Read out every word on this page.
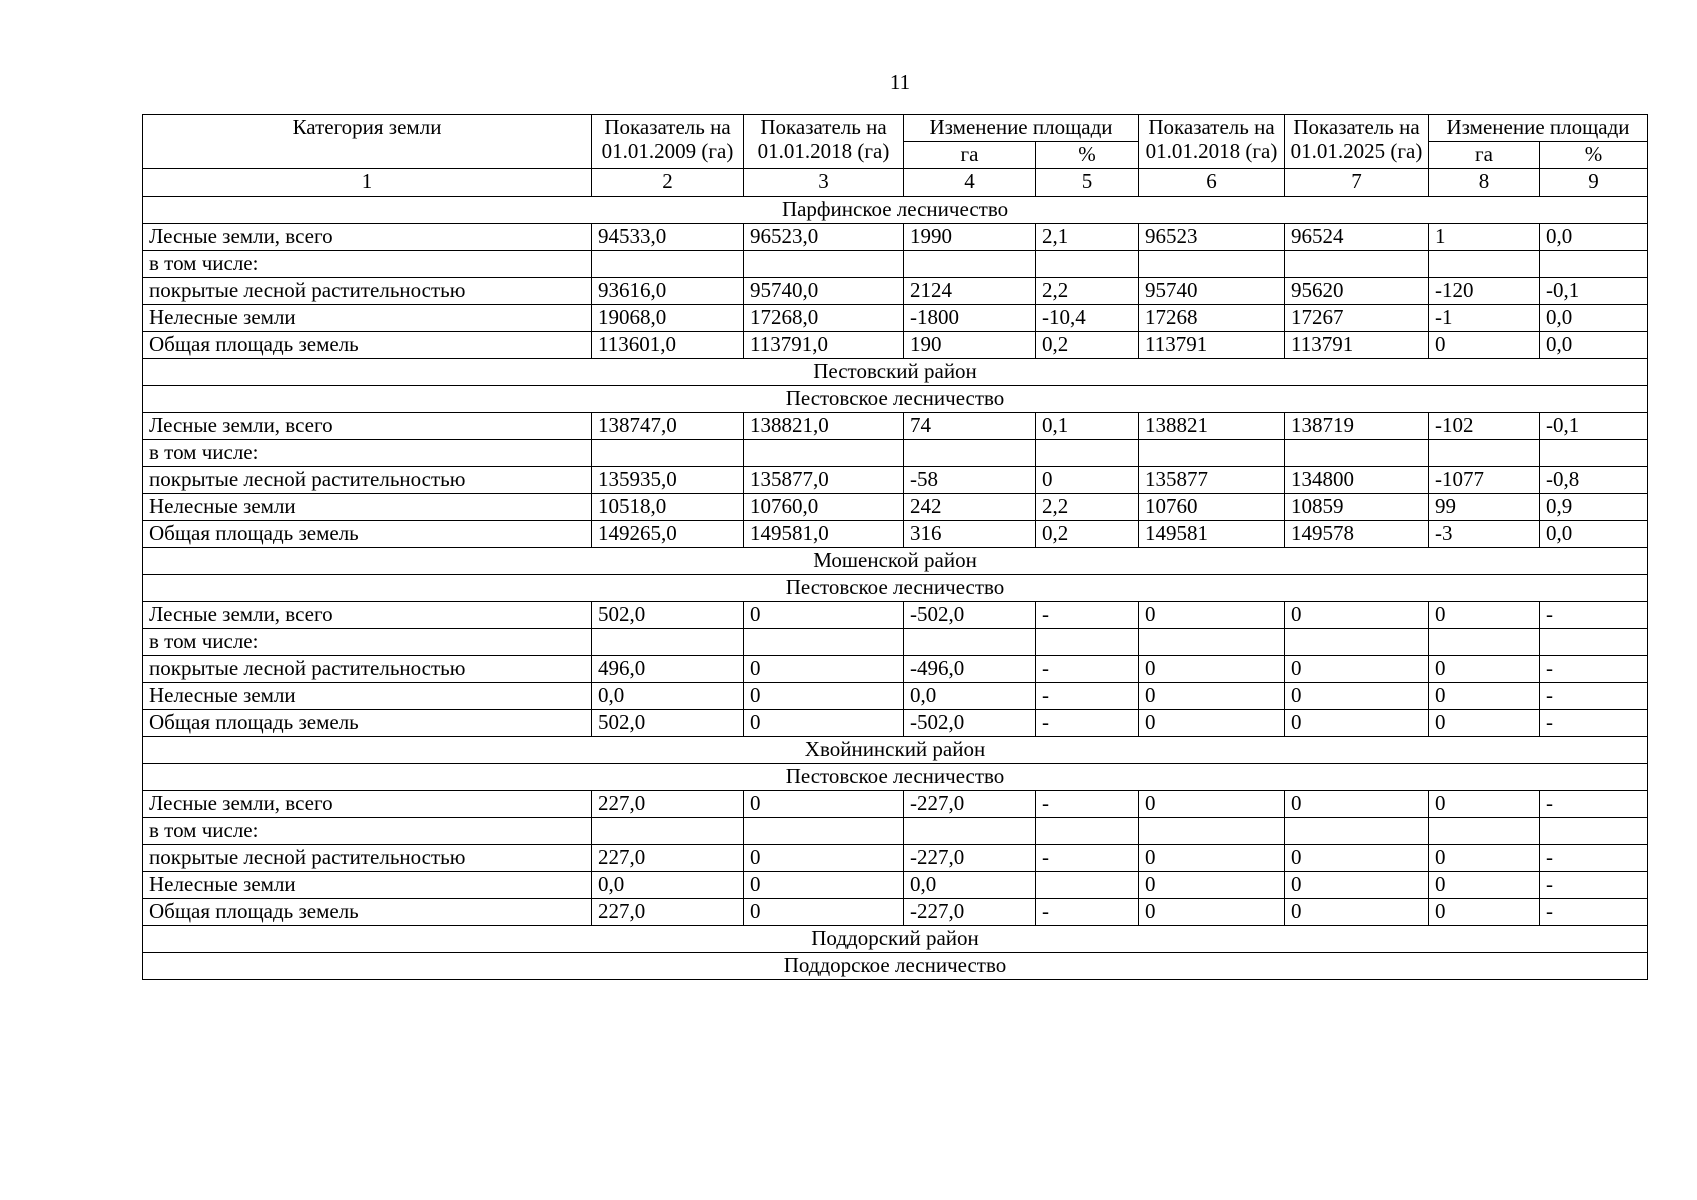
11
Категория земли	Показатель на 01.01.2009 (га)	Показатель на 01.01.2018 (га)	Изменение площади		Показатель на 01.01.2018 (га)	Показатель на 01.01.2025 (га)	Изменение площади	
			га	%			га	%
1	2	3	4	5	6	7	8	9
Парфинское лесничество								
Лесные земли, всего	94533,0	96523,0	1990	2,1	96523	96524	1	0,0
в том числе:								
покрытые лесной растительностью	93616,0	95740,0	2124	2,2	95740	95620	-120	-0,1
Нелесные земли	19068,0	17268,0	-1800	-10,4	17268	17267	-1	0,0
Общая площадь земель	113601,0	113791,0	190	0,2	113791	113791	0	0,0
Пестовский район								
Пестовское лесничество								
Лесные земли, всего	138747,0	138821,0	74	0,1	138821	138719	-102	-0,1
в том числе:								
покрытые лесной растительностью	135935,0	135877,0	-58	0	135877	134800	-1077	-0,8
Нелесные земли	10518,0	10760,0	242	2,2	10760	10859	99	0,9
Общая площадь земель	149265,0	149581,0	316	0,2	149581	149578	-3	0,0
Мошенской район								
Пестовское лесничество								
Лесные земли, всего	502,0	0	-502,0	-	0	0	0	-
в том числе:								
покрытые лесной растительностью	496,0	0	-496,0	-	0	0	0	-
Нелесные земли	0,0	0	0,0	-	0	0	0	-
Общая площадь земель	502,0	0	-502,0	-	0	0	0	-
Хвойнинский район								
Пестовское лесничество								
Лесные земли, всего	227,0	0	-227,0	-	0	0	0	-
в том числе:								
покрытые лесной растительностью	227,0	0	-227,0	-	0	0	0	-
Нелесные земли	0,0	0	0,0		0	0	0	-
Общая площадь земель	227,0	0	-227,0	-	0	0	0	-
Поддорский район								
Поддорское лесничество								
